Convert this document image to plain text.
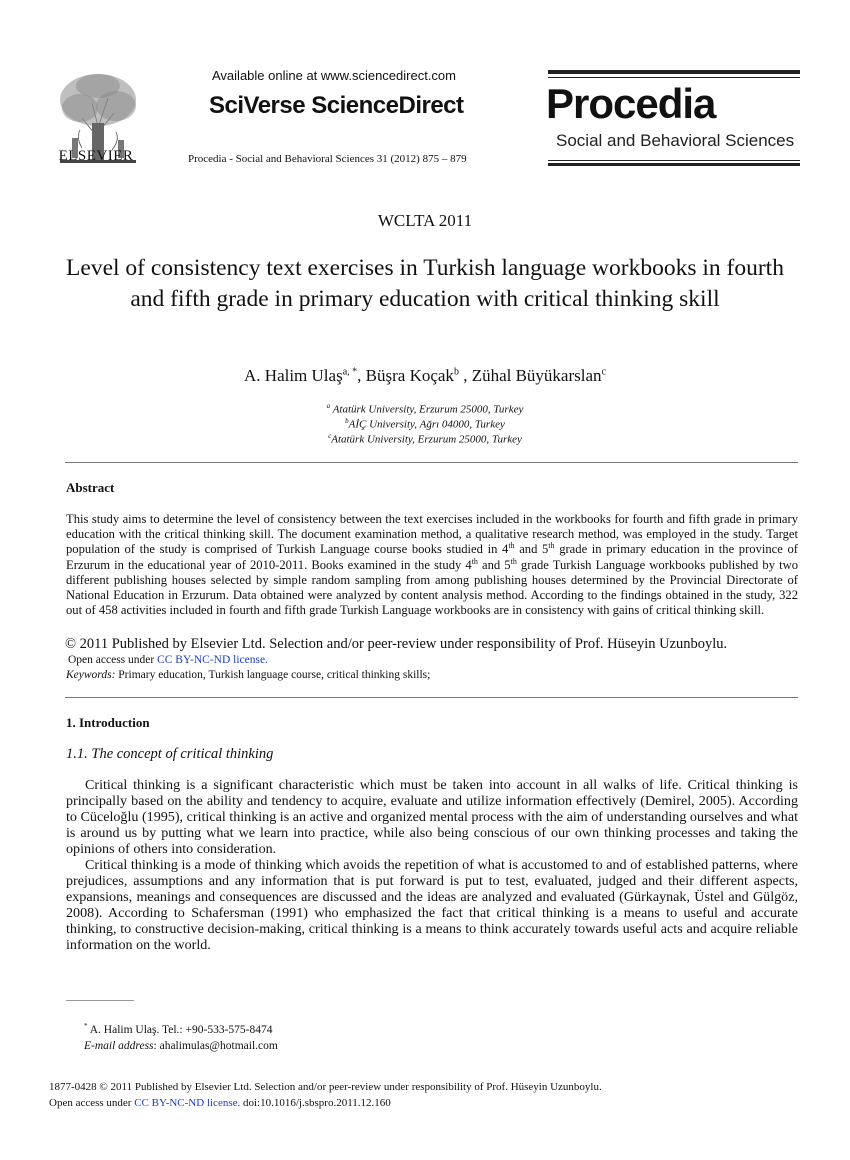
ELSEVIER
Available online at www.sciencedirect.com
SciVerse ScienceDirect
Procedia - Social and Behavioral Sciences 31 (2012) 875 – 879
Procedia
Social and Behavioral Sciences
WCLTA 2011
Level of consistency text exercises in Turkish language workbooks in fourth and fifth grade in primary education with critical thinking skill
A. Halim Ulaş$^{a, *}$, Büşra Koçak$^b$ , Zühal Büyükarslan$^c$
$^a$ Atatürk University, Erzurum 25000, Turkey
$^b$AİÇ University, Ağrı 04000, Turkey
$^c$Atatürk University, Erzurum 25000, Turkey
Abstract
This study aims to determine the level of consistency between the text exercises included in the workbooks for fourth and fifth grade in primary education with the critical thinking skill. The document examination method, a qualitative research method, was employed in the study. Target population of the study is comprised of Turkish Language course books studied in 4th and 5th grade in primary education in the province of Erzurum in the educational year of 2010-2011. Books examined in the study 4th and 5th grade Turkish Language workbooks published by two different publishing houses selected by simple random sampling from among publishing houses determined by the Provincial Directorate of National Education in Erzurum. Data obtained were analyzed by content analysis method. According to the findings obtained in the study, 322 out of 458 activities included in fourth and fifth grade Turkish Language workbooks are in consistency with gains of critical thinking skill.
© 2011 Published by Elsevier Ltd. Selection and/or peer-review under responsibility of Prof. Hüseyin Uzunboylu.
Open access under CC BY-NC-ND license.
Keywords: Primary education, Turkish language course, critical thinking skills;
1. Introduction
1.1. The concept of critical thinking

Critical thinking is a significant characteristic which must be taken into account in all walks of life. Critical thinking is principally based on the ability and tendency to acquire, evaluate and utilize information effectively (Demirel, 2005). According to Cüceloğlu (1995), critical thinking is an active and organized mental process with the aim of understanding ourselves and what is around us by putting what we learn into practice, while also being conscious of our own thinking processes and taking the opinions of others into consideration.

Critical thinking is a mode of thinking which avoids the repetition of what is accustomed to and of established patterns, where prejudices, assumptions and any information that is put forward is put to test, evaluated, judged and their different aspects, expansions, meanings and consequences are discussed and the ideas are analyzed and evaluated (Gürkaynak, Üstel and Gülgöz, 2008). According to Schafersman (1991) who emphasized the fact that critical thinking is a means to useful and accurate thinking, to constructive decision-making, critical thinking is a means to think accurately towards useful acts and acquire reliable information on the world.

* A. Halim Ulaş. Tel.: +90-533-575-8474
E-mail address: ahalimulas@hotmail.com
1877-0428 © 2011 Published by Elsevier Ltd. Selection and/or peer-review under responsibility of Prof. Hüseyin Uzunboylu.
Open access under CC BY-NC-ND license. doi:10.1016/j.sbspro.2011.12.160
